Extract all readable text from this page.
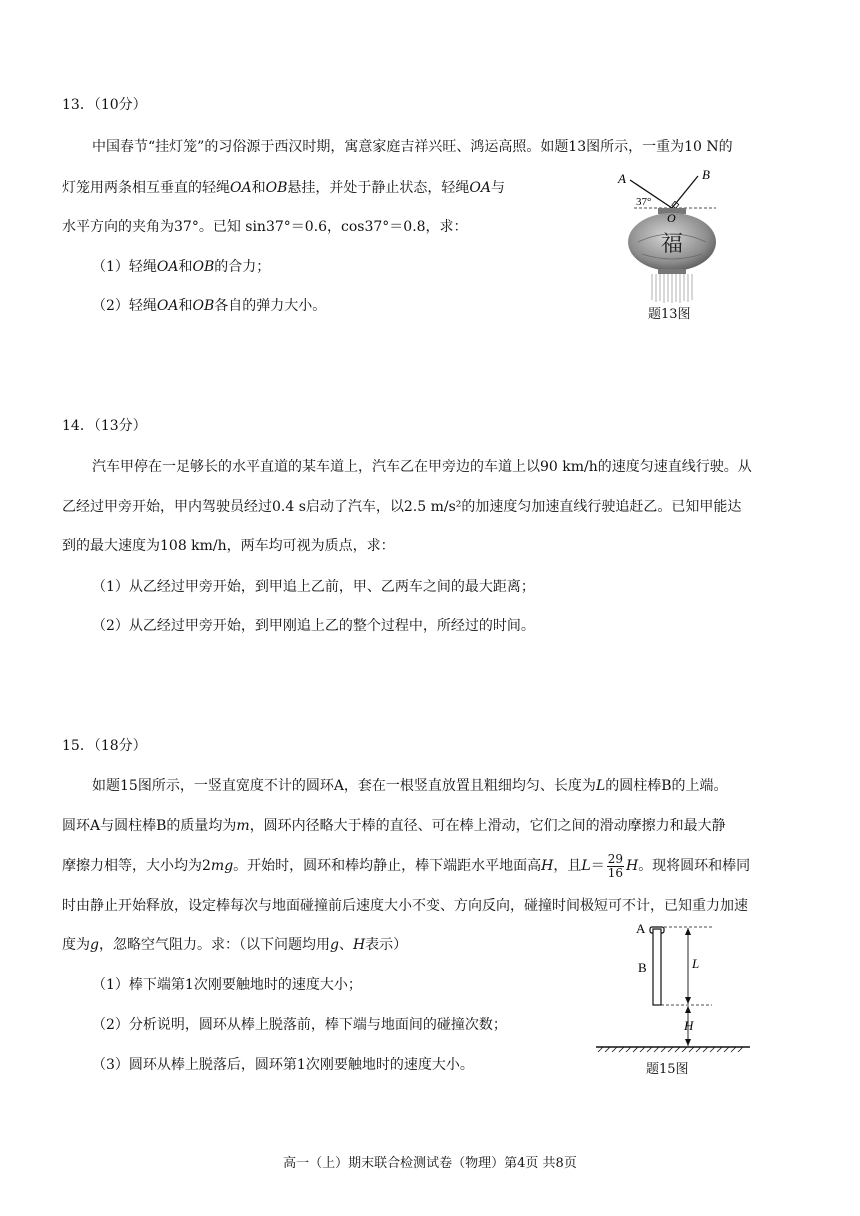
13．（10分）
中国春节“挂灯笼”的习俗源于西汉时期，寓意家庭吉祥兴旺、鸿运高照。如题13图所示，一重为10 N的
灯笼用两条相互垂直的轻绳OA和OB悬挂，并处于静止状态，轻绳OA与
水平方向的夹角为37°。已知 sin37°＝0.6，cos37°＝0.8，求：
（1）轻绳OA和OB的合力；
（2）轻绳OA和OB各自的弹力大小。
A	B
O
37°
福
题13图
14．（13分）
汽车甲停在一足够长的水平直道的某车道上，汽车乙在甲旁边的车道上以90 km/h的速度匀速直线行驶。从
乙经过甲旁开始，甲内驾驶员经过0.4 s启动了汽车，以2.5 m/s²的加速度匀加速直线行驶追赶乙。已知甲能达
到的最大速度为108 km/h，两车均可视为质点，求：
（1）从乙经过甲旁开始，到甲追上乙前，甲、乙两车之间的最大距离；
（2）从乙经过甲旁开始，到甲刚追上乙的整个过程中，所经过的时间。
15．（18分）
如题15图所示，一竖直宽度不计的圆环A，套在一根竖直放置且粗细均匀、长度为L的圆柱棒B的上端。
圆环A与圆柱棒B的质量均为m，圆环内径略大于棒的直径、可在棒上滑动，它们之间的滑动摩擦力和最大静
摩擦力相等，大小均为2mg。开始时，圆环和棒均静止，棒下端距水平地面高H，且$L= \frac{29}{16}$ H。现将圆环和棒同
时由静止开始释放，设定棒每次与地面碰撞前后速度大小不变、方向反向，碰撞时间极短可不计，已知重力加速
度为g，忽略空气阻力。求：（以下问题均用g、H表示）
（1）棒下端第1次刚要触地时的速度大小；
（2）分析说明，圆环从棒上脱落前，棒下端与地面间的碰撞次数；
（3）圆环从棒上脱落后，圆环第1次刚要触地时的速度大小。
A
B	L
H
题15图
高一（上）期末联合检测试卷（物理）第4页 共8页
